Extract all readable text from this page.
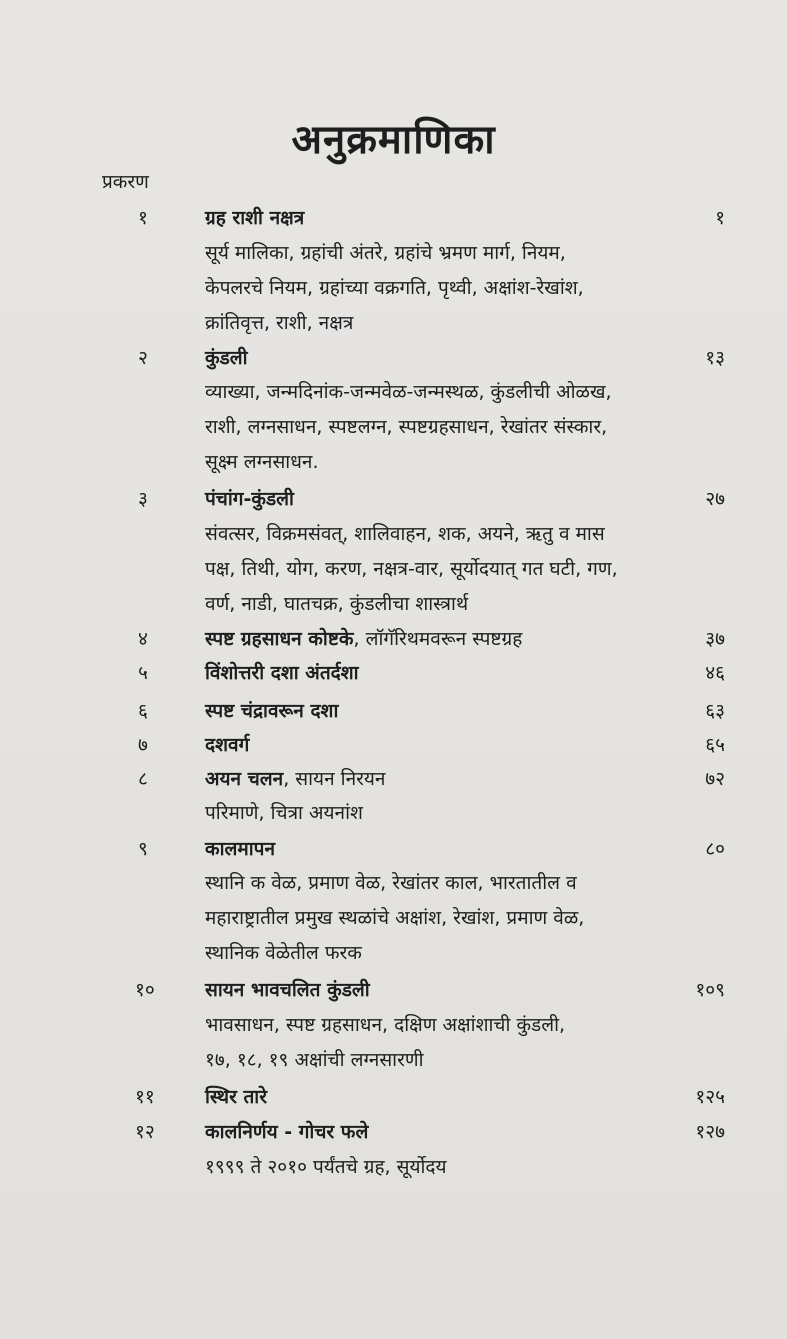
अनुक्रमाणिका
प्रकरण
१	ग्रह राशी नक्षत्र	१
सूर्य मालिका, ग्रहांची अंतरे, ग्रहांचे भ्रमण मार्ग, नियम,
केपलरचे नियम, ग्रहांच्या वक्रगति, पृथ्वी, अक्षांश-रेखांश,
क्रांतिवृत्त, राशी, नक्षत्र
२	कुंडली	१३
व्याख्या, जन्मदिनांक-जन्मवेळ-जन्मस्थळ, कुंडलीची ओळख,
राशी, लग्नसाधन, स्पष्टलग्न, स्पष्टग्रहसाधन, रेखांतर संस्कार,
सूक्ष्म लग्नसाधन.
३	पंचांग-कुंडली	२७
संवत्सर, विक्रमसंवत्, शालिवाहन, शक, अयने, ऋतु व मास
पक्ष, तिथी, योग, करण, नक्षत्र-वार, सूर्योदयात् गत घटी, गण,
वर्ण, नाडी, घातचक्र, कुंडलीचा शास्त्रार्थ
४	स्पष्ट ग्रहसाधन कोष्टके, लॉगॅरिथमवरून स्पष्टग्रह	३७
५	विंशोत्तरी दशा अंतर्दशा	४६
६	स्पष्ट चंद्रावरून दशा	६३
७	दशवर्ग	६५
८	अयन चलन, सायन निरयन	७२
परिमाणे, चित्रा अयनांश
९	कालमापन	८०
स्थानि क वेळ, प्रमाण वेळ, रेखांतर काल, भारतातील व
महाराष्ट्रातील प्रमुख स्थळांचे अक्षांश, रेखांश, प्रमाण वेळ,
स्थानिक वेळेतील फरक
१०	सायन भावचलित कुंडली	१०९
भावसाधन, स्पष्ट ग्रहसाधन, दक्षिण अक्षांशाची कुंडली,
१७, १८, १९ अक्षांची लग्नसारणी
११	स्थिर तारे	१२५
१२	कालनिर्णय - गोचर फले	१२७
१९९९ ते २०१० पर्यंतचे ग्रह, सूर्योदय
